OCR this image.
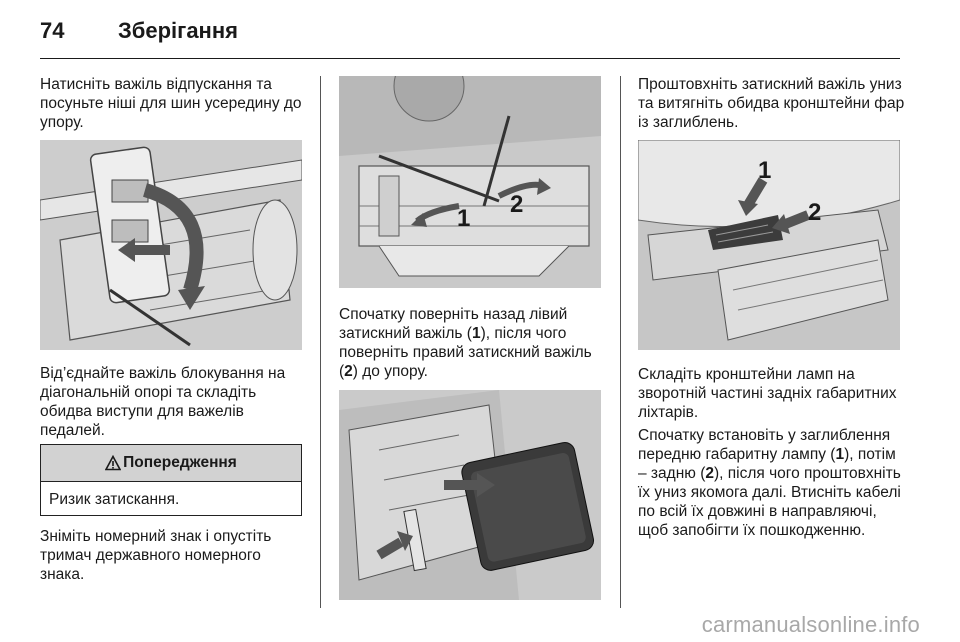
74 Зберігання

Натисніть важіль відпускання та посуньте ніші для шин усередину до упору.

Від’єднайте важіль блокування на діагональній опорі та складіть обидва виступи для важелів педалей.

Попередження
Ризик затискання.

Зніміть номерний знак і опустіть тримач державного номерного знака.

1
2

Спочатку поверніть назад лівий затискний важіль (1), після чого поверніть правий затискний важіль (2) до упору.

Проштовхніть затискний важіль униз та витягніть обидва кронштейни фар із заглиблень.

1
2

Складіть кронштейни ламп на зворотній частині задніх габаритних ліхтарів.

Спочатку встановіть у заглиблення передню габаритну лампу (1), потім – задню (2), після чого проштовхніть їх униз якомога далі. Втисніть кабелі по всій їх довжині в направляючі, щоб запобігти їх пошкодженню.

carmanualsonline.info
